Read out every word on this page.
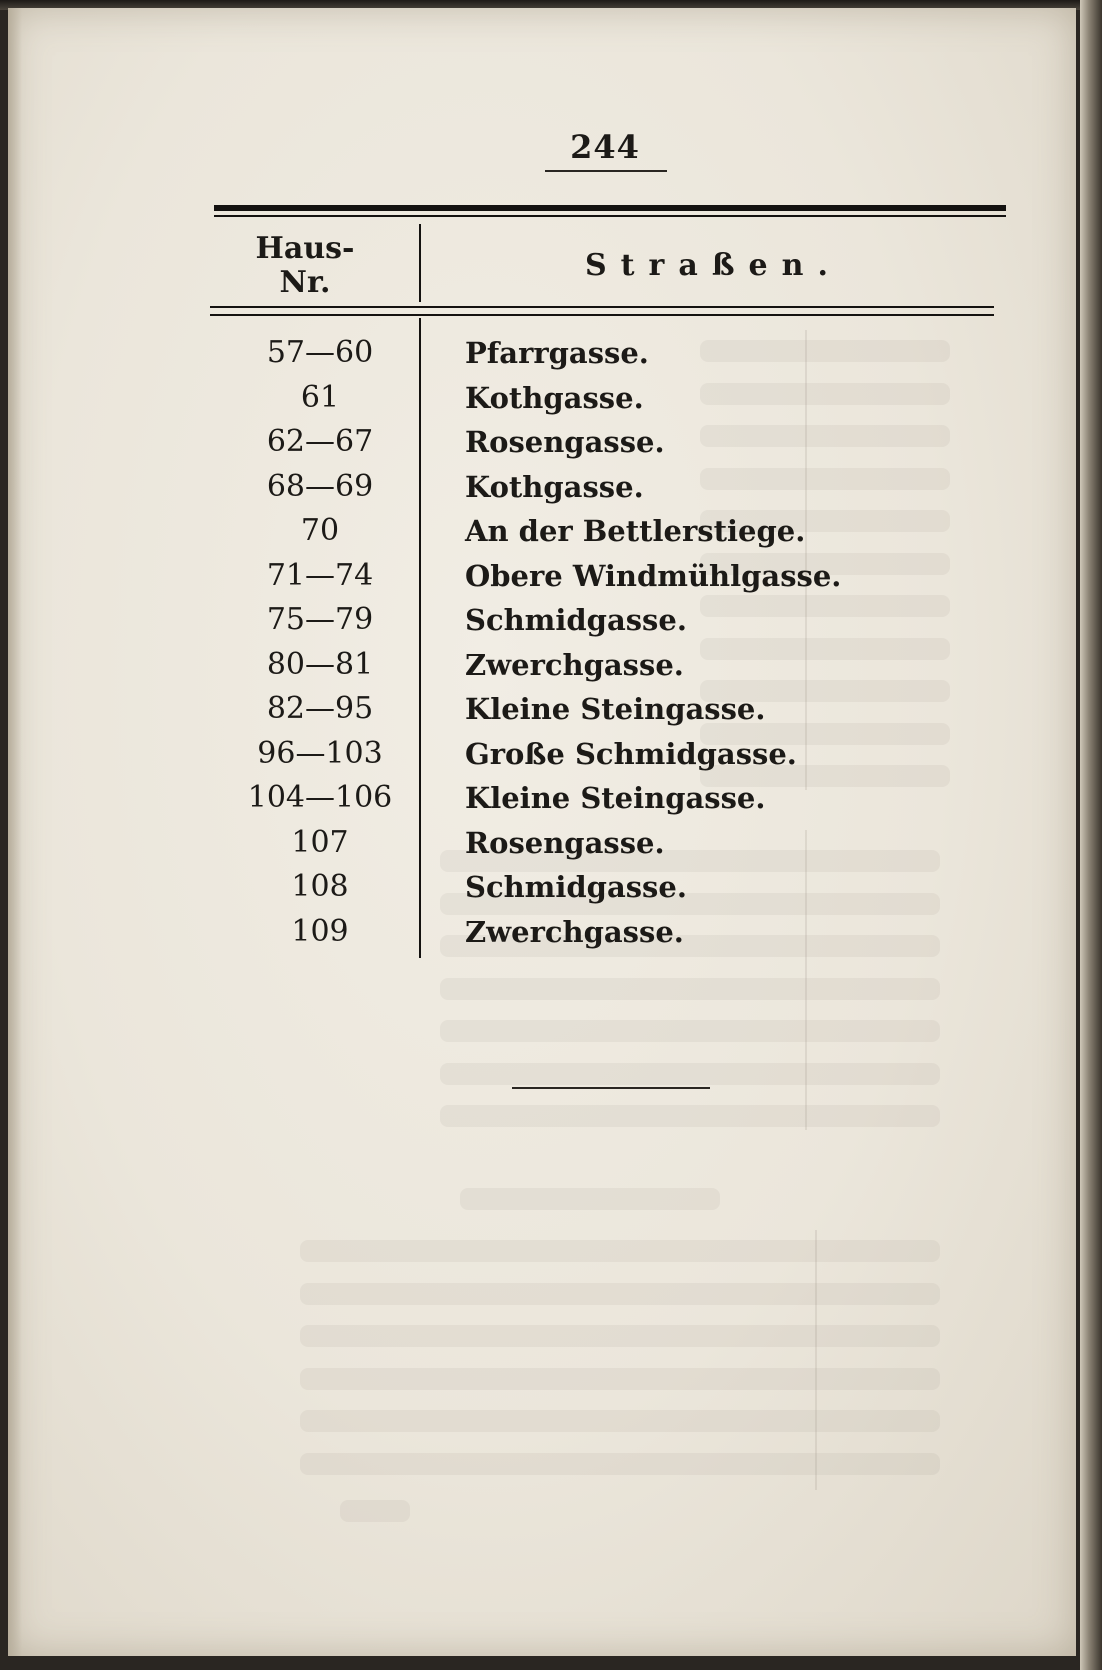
244
Haus-
Nr.	Straßen.
57—60	Pfarrgasse.
61	Kothgasse.
62—67	Rosengasse.
68—69	Kothgasse.
70	An der Bettlerstiege.
71—74	Obere Windmühlgasse.
75—79	Schmidgasse.
80—81	Zwerchgasse.
82—95	Kleine Steingasse.
96—103	Große Schmidgasse.
104—106	Kleine Steingasse.
107	Rosengasse.
108	Schmidgasse.
109	Zwerchgasse.
